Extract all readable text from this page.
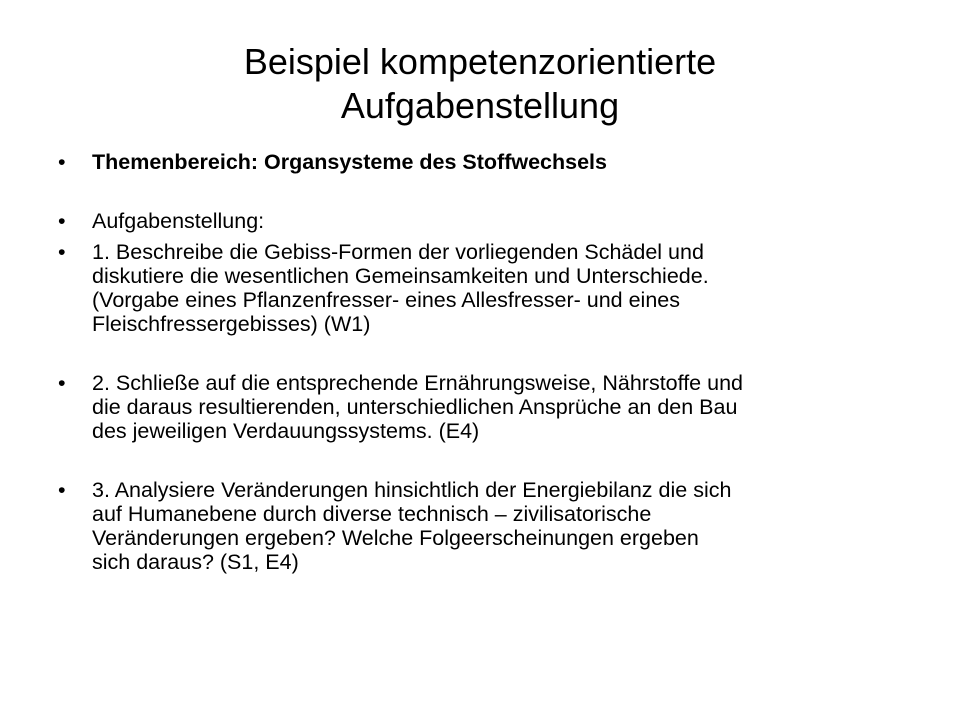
Beispiel kompetenzorientierte
Aufgabenstellung
•	Themenbereich: Organsysteme des Stoffwechsels
•	Aufgabenstellung:
•	1. Beschreibe die Gebiss-Formen der vorliegenden Schädel und
diskutiere die wesentlichen Gemeinsamkeiten und Unterschiede.
(Vorgabe eines Pflanzenfresser- eines Allesfresser- und eines
Fleischfressergebisses) (W1)
•	2. Schließe auf die entsprechende Ernährungsweise, Nährstoffe und
die daraus resultierenden, unterschiedlichen Ansprüche an den Bau
des jeweiligen Verdauungssystems. (E4)
•	3. Analysiere Veränderungen hinsichtlich der Energiebilanz die sich
auf Humanebene durch diverse technisch – zivilisatorische
Veränderungen ergeben? Welche Folgeerscheinungen ergeben
sich daraus? (S1, E4)
